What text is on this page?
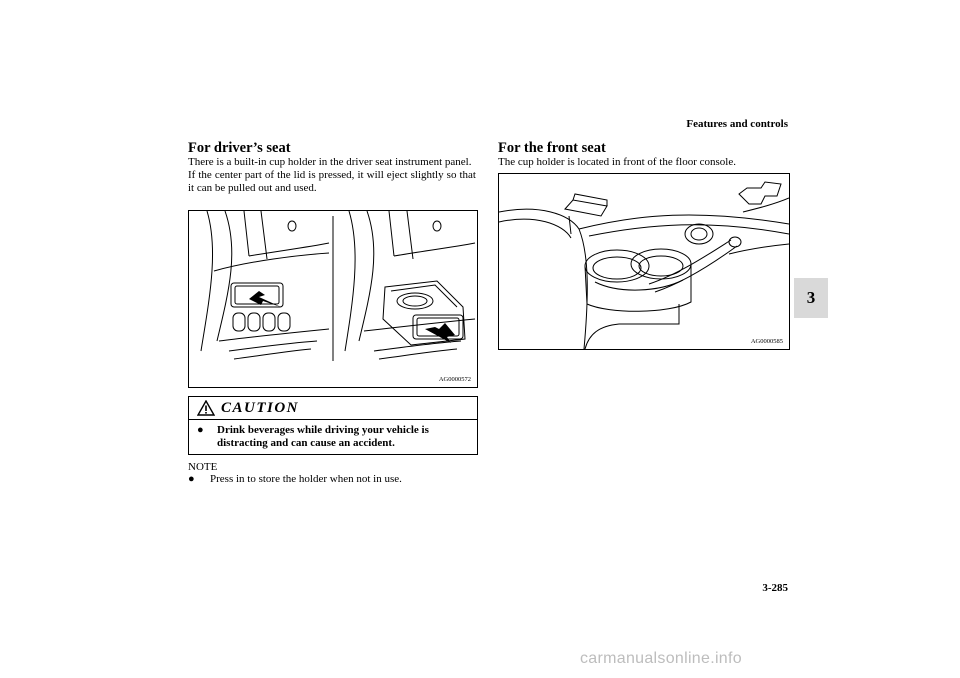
Features and controls
3
For driver’s seat

There is a built-in cup holder in the driver seat instrument panel.

If the center part of the lid is pressed, it will eject slightly so that it can be pulled out and used.

AG0000572
CAUTION
●	Drink beverages while driving your vehicle is distracting and can cause an accident.
NOTE
●	Press in to store the holder when not in use.
For the front seat

The cup holder is located in front of the floor console.

AG0000585
3-285
carmanualsonline.info
